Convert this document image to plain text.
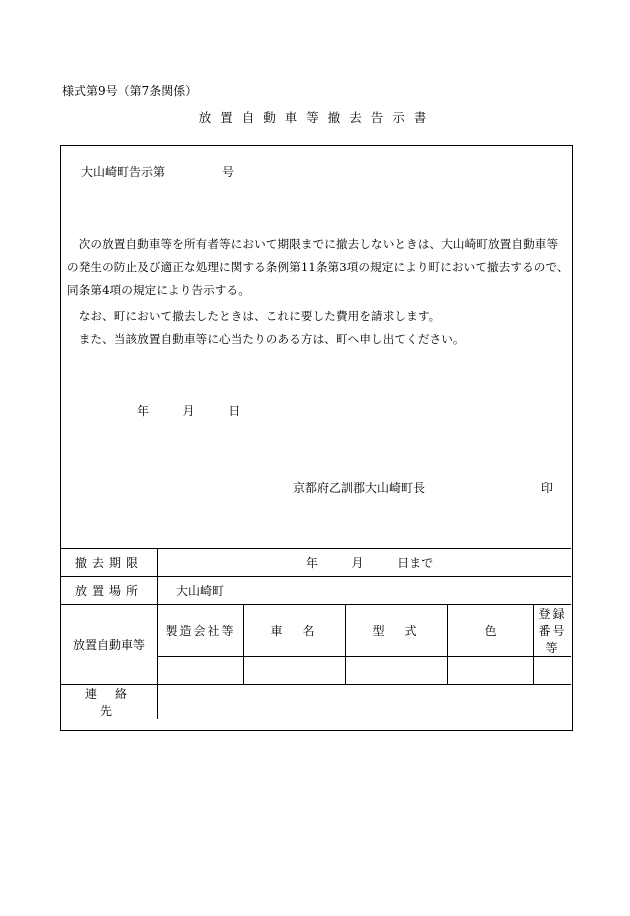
様式第9号（第7条関係）
放置自動車等撤去告示書
大山崎町告示第	号
　次の放置自動車等を所有者等において期限までに撤去しないときは、大山崎町放置自動車等
の発生の防止及び適正な処理に関する条例第11条第3項の規定により町において撤去するので、
同条第4項の規定により告示する。
　なお、町において撤去したときは、これに要した費用を請求します。
　また、当該放置自動車等に心当たりのある方は、町へ申し出てください。
年	月	日
京都府乙訓郡大山崎町長	印
撤去期限	年 月 日まで				
放置場所	大山崎町				
放置自動車等	製造会社等	車名	型式	色	登録番号等

連絡先					
